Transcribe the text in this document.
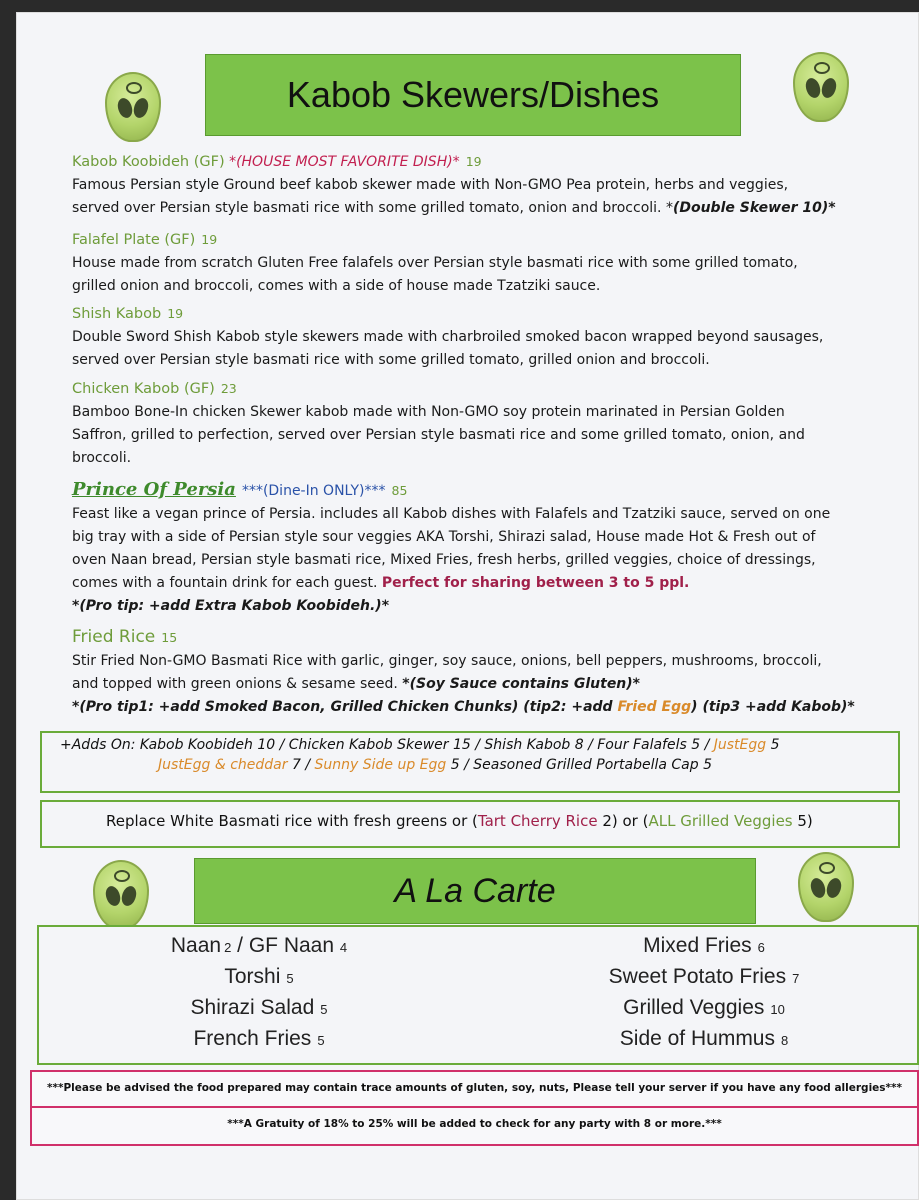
Kabob Skewers/Dishes
Kabob Koobideh (GF) *(HOUSE MOST FAVORITE DISH)* 19
Famous Persian style Ground beef kabob skewer made with Non-GMO Pea protein, herbs and veggies,
served over Persian style basmati rice with some grilled tomato, onion and broccoli. *(Double Skewer 10)*
Falafel Plate (GF) 19
House made from scratch Gluten Free falafels over Persian style basmati rice with some grilled tomato,
grilled onion and broccoli, comes with a side of house made Tzatziki sauce.
Shish Kabob 19
Double Sword Shish Kabob style skewers made with charbroiled smoked bacon wrapped beyond sausages,
served over Persian style basmati rice with some grilled tomato, grilled onion and broccoli.
Chicken Kabob (GF) 23
Bamboo Bone-In chicken Skewer kabob made with Non-GMO soy protein marinated in Persian Golden
Saffron, grilled to perfection, served over Persian style basmati rice and some grilled tomato, onion, and
broccoli.
Prince Of Persia ***(Dine-In ONLY)*** 85
Feast like a vegan prince of Persia. includes all Kabob dishes with Falafels and Tzatziki sauce, served on one
big tray with a side of Persian style sour veggies AKA Torshi, Shirazi salad, House made Hot & Fresh out of
oven Naan bread, Persian style basmati rice, Mixed Fries, fresh herbs, grilled veggies, choice of dressings,
comes with a fountain drink for each guest. Perfect for sharing between 3 to 5 ppl.
*(Pro tip: +add Extra Kabob Koobideh.)*
Fried Rice 15
Stir Fried Non-GMO Basmati Rice with garlic, ginger, soy sauce, onions, bell peppers, mushrooms, broccoli,
and topped with green onions & sesame seed. *(Soy Sauce contains Gluten)*
*(Pro tip1: +add Smoked Bacon, Grilled Chicken Chunks) (tip2: +add Fried Egg) (tip3 +add Kabob)*
+Adds On: Kabob Koobideh 10 / Chicken Kabob Skewer 15 / Shish Kabob 8 / Four Falafels 5 / JustEgg 5
JustEgg & cheddar 7 / Sunny Side up Egg 5 / Seasoned Grilled Portabella Cap 5
Replace White Basmati rice with fresh greens or (Tart Cherry Rice 2) or (ALL Grilled Veggies 5)
A La Carte
Naan 2 / GF Naan 4
Torshi 5
Shirazi Salad 5
French Fries 5
Mixed Fries 6
Sweet Potato Fries 7
Grilled Veggies 10
Side of Hummus 8
***Please be advised the food prepared may contain trace amounts of gluten, soy, nuts, Please tell your server if you have any food allergies***
***A Gratuity of 18% to 25% will be added to check for any party with 8 or more.***
